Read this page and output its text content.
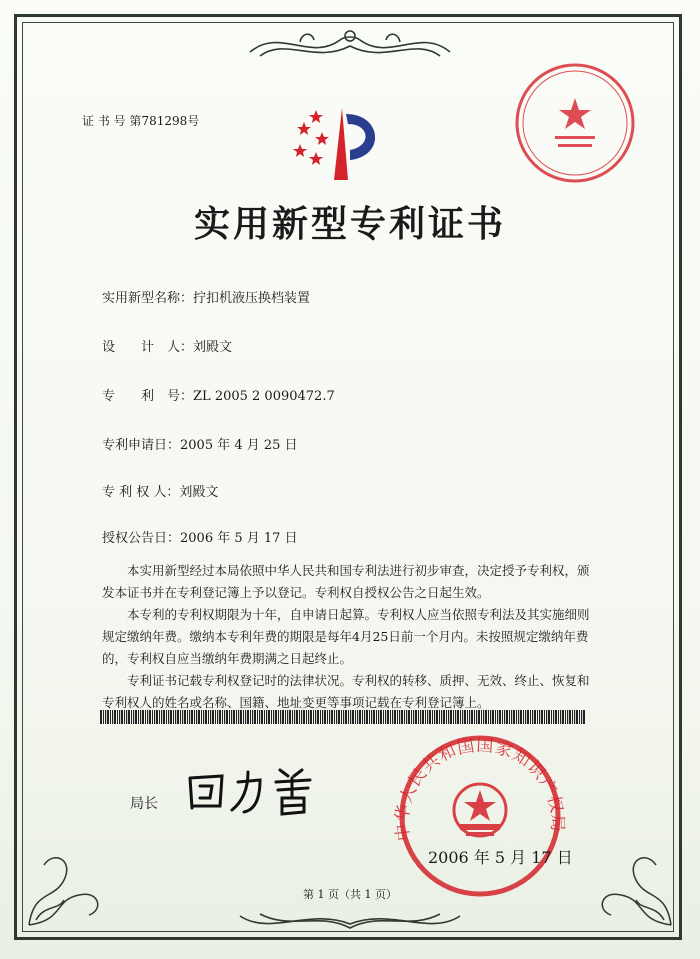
证 书 号 第781298号
实用新型专利证书
实用新型名称：拧扣机液压换档装置
设　　计　人：刘殿文
专　　利　号：ZL 2005 2 0090472.7
专利申请日：2005 年 4 月 25 日
专 利 权 人：刘殿文
授权公告日：2006 年 5 月 17 日

本实用新型经过本局依照中华人民共和国专利法进行初步审查，决定授予专利权，颁发本证书并在专利登记簿上予以登记。专利权自授权公告之日起生效。

本专利的专利权期限为十年，自申请日起算。专利权人应当依照专利法及其实施细则规定缴纳年费。缴纳本专利年费的期限是每年4月25日前一个月内。未按照规定缴纳年费的，专利权自应当缴纳年费期满之日起终止。

专利证书记载专利权登记时的法律状况。专利权的转移、质押、无效、终止、恢复和专利权人的姓名或名称、国籍、地址变更等事项记载在专利登记簿上。

局长
中华人民共和国国家知识产权局
2006 年 5 月 17 日
第 1 页（共 1 页）
